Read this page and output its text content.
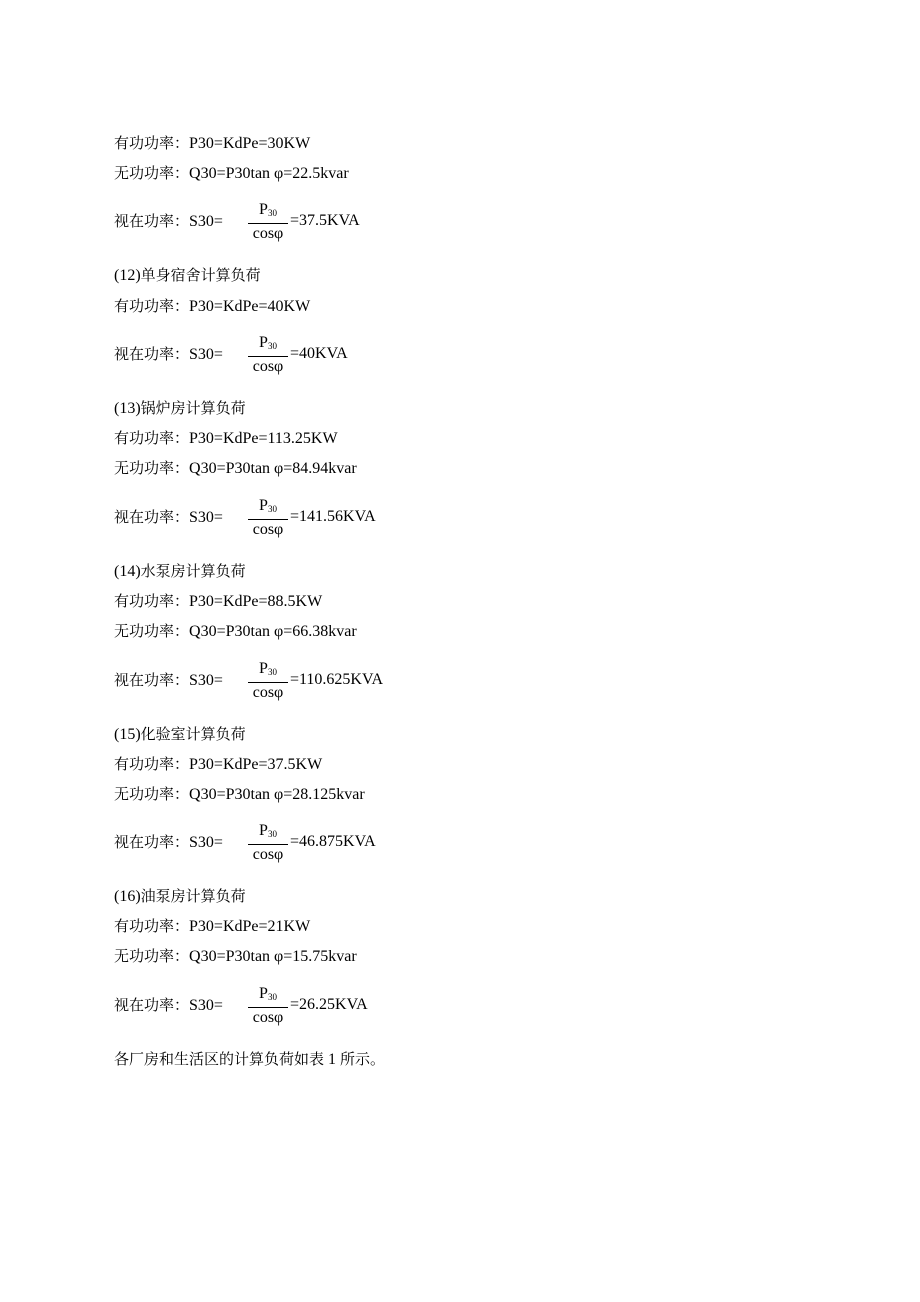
有功功率：P30=KdPe=30KW
无功功率：Q30=P30tan φ=22.5kvar
视在功率：S30=
$P_{30}$
cosφ
=37.5KVA
(12)单身宿舍计算负荷
有功功率：P30=KdPe=40KW
视在功率：S30=
$P_{30}$
cosφ
=40KVA
(13)锅炉房计算负荷
有功功率：P30=KdPe=113.25KW
无功功率：Q30=P30tan φ=84.94kvar
视在功率：S30=
$P_{30}$
cosφ
=141.56KVA
(14)水泵房计算负荷
有功功率：P30=KdPe=88.5KW
无功功率：Q30=P30tan φ=66.38kvar
视在功率：S30=
$P_{30}$
cosφ
=110.625KVA
(15)化验室计算负荷
有功功率：P30=KdPe=37.5KW
无功功率：Q30=P30tan φ=28.125kvar
视在功率：S30=
$P_{30}$
cosφ
=46.875KVA
(16)油泵房计算负荷
有功功率：P30=KdPe=21KW
无功功率：Q30=P30tan φ=15.75kvar
视在功率：S30=
$P_{30}$
cosφ
=26.25KVA
各厂房和生活区的计算负荷如表 1 所示。
